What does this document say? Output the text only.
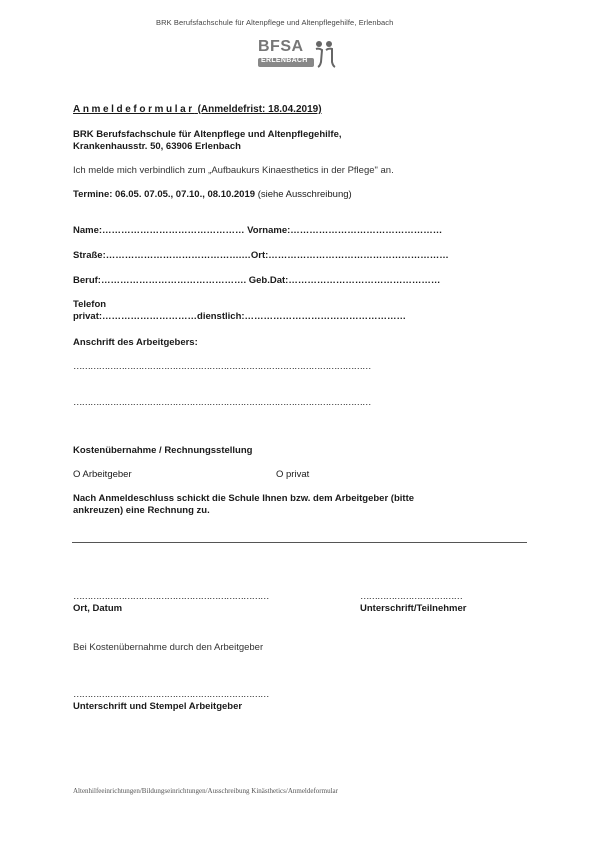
BRK Berufsfachschule für Altenpflege und Altenpflegehilfe, Erlenbach
BFSA
ERLENBACH
Anmeldeformular (Anmeldefrist: 18.04.2019)
BRK Berufsfachschule für Altenpflege und Altenpflegehilfe,
Krankenhausstr. 50, 63906 Erlenbach
Ich melde mich verbindlich zum „Aufbaukurs Kinaesthetics in der Pflege" an.
Termine: 06.05. 07.05., 07.10., 08.10.2019 (siehe Ausschreibung)
Name:……………………………………… Vorname:…………………………………………
Straße:…………………………………….…Ort:…………………………………………………
Beruf:………………………………………. Geb.Dat:…………………………………………
Telefon
privat:…………………………dienstlich:……………………………………………
Anschrift des Arbeitgebers:
……………………………………………………………………………………………
……………………………………………………………………………………………
Kostenübernahme / Rechnungsstellung
O Arbeitgeber	O privat
Nach Anmeldeschluss schickt die Schule Ihnen bzw. dem Arbeitgeber (bitte
ankreuzen) eine Rechnung zu.
……………………………………………………………
Ort, Datum
………………………………
Unterschrift/Teilnehmer
Bei Kostenübernahme durch den Arbeitgeber
……………………………………………………………
Unterschrift und Stempel Arbeitgeber
Altenhilfeeinrichtungen/Bildungseinrichtungen/Ausschreibung Kinästhetics/Anmeldeformular
